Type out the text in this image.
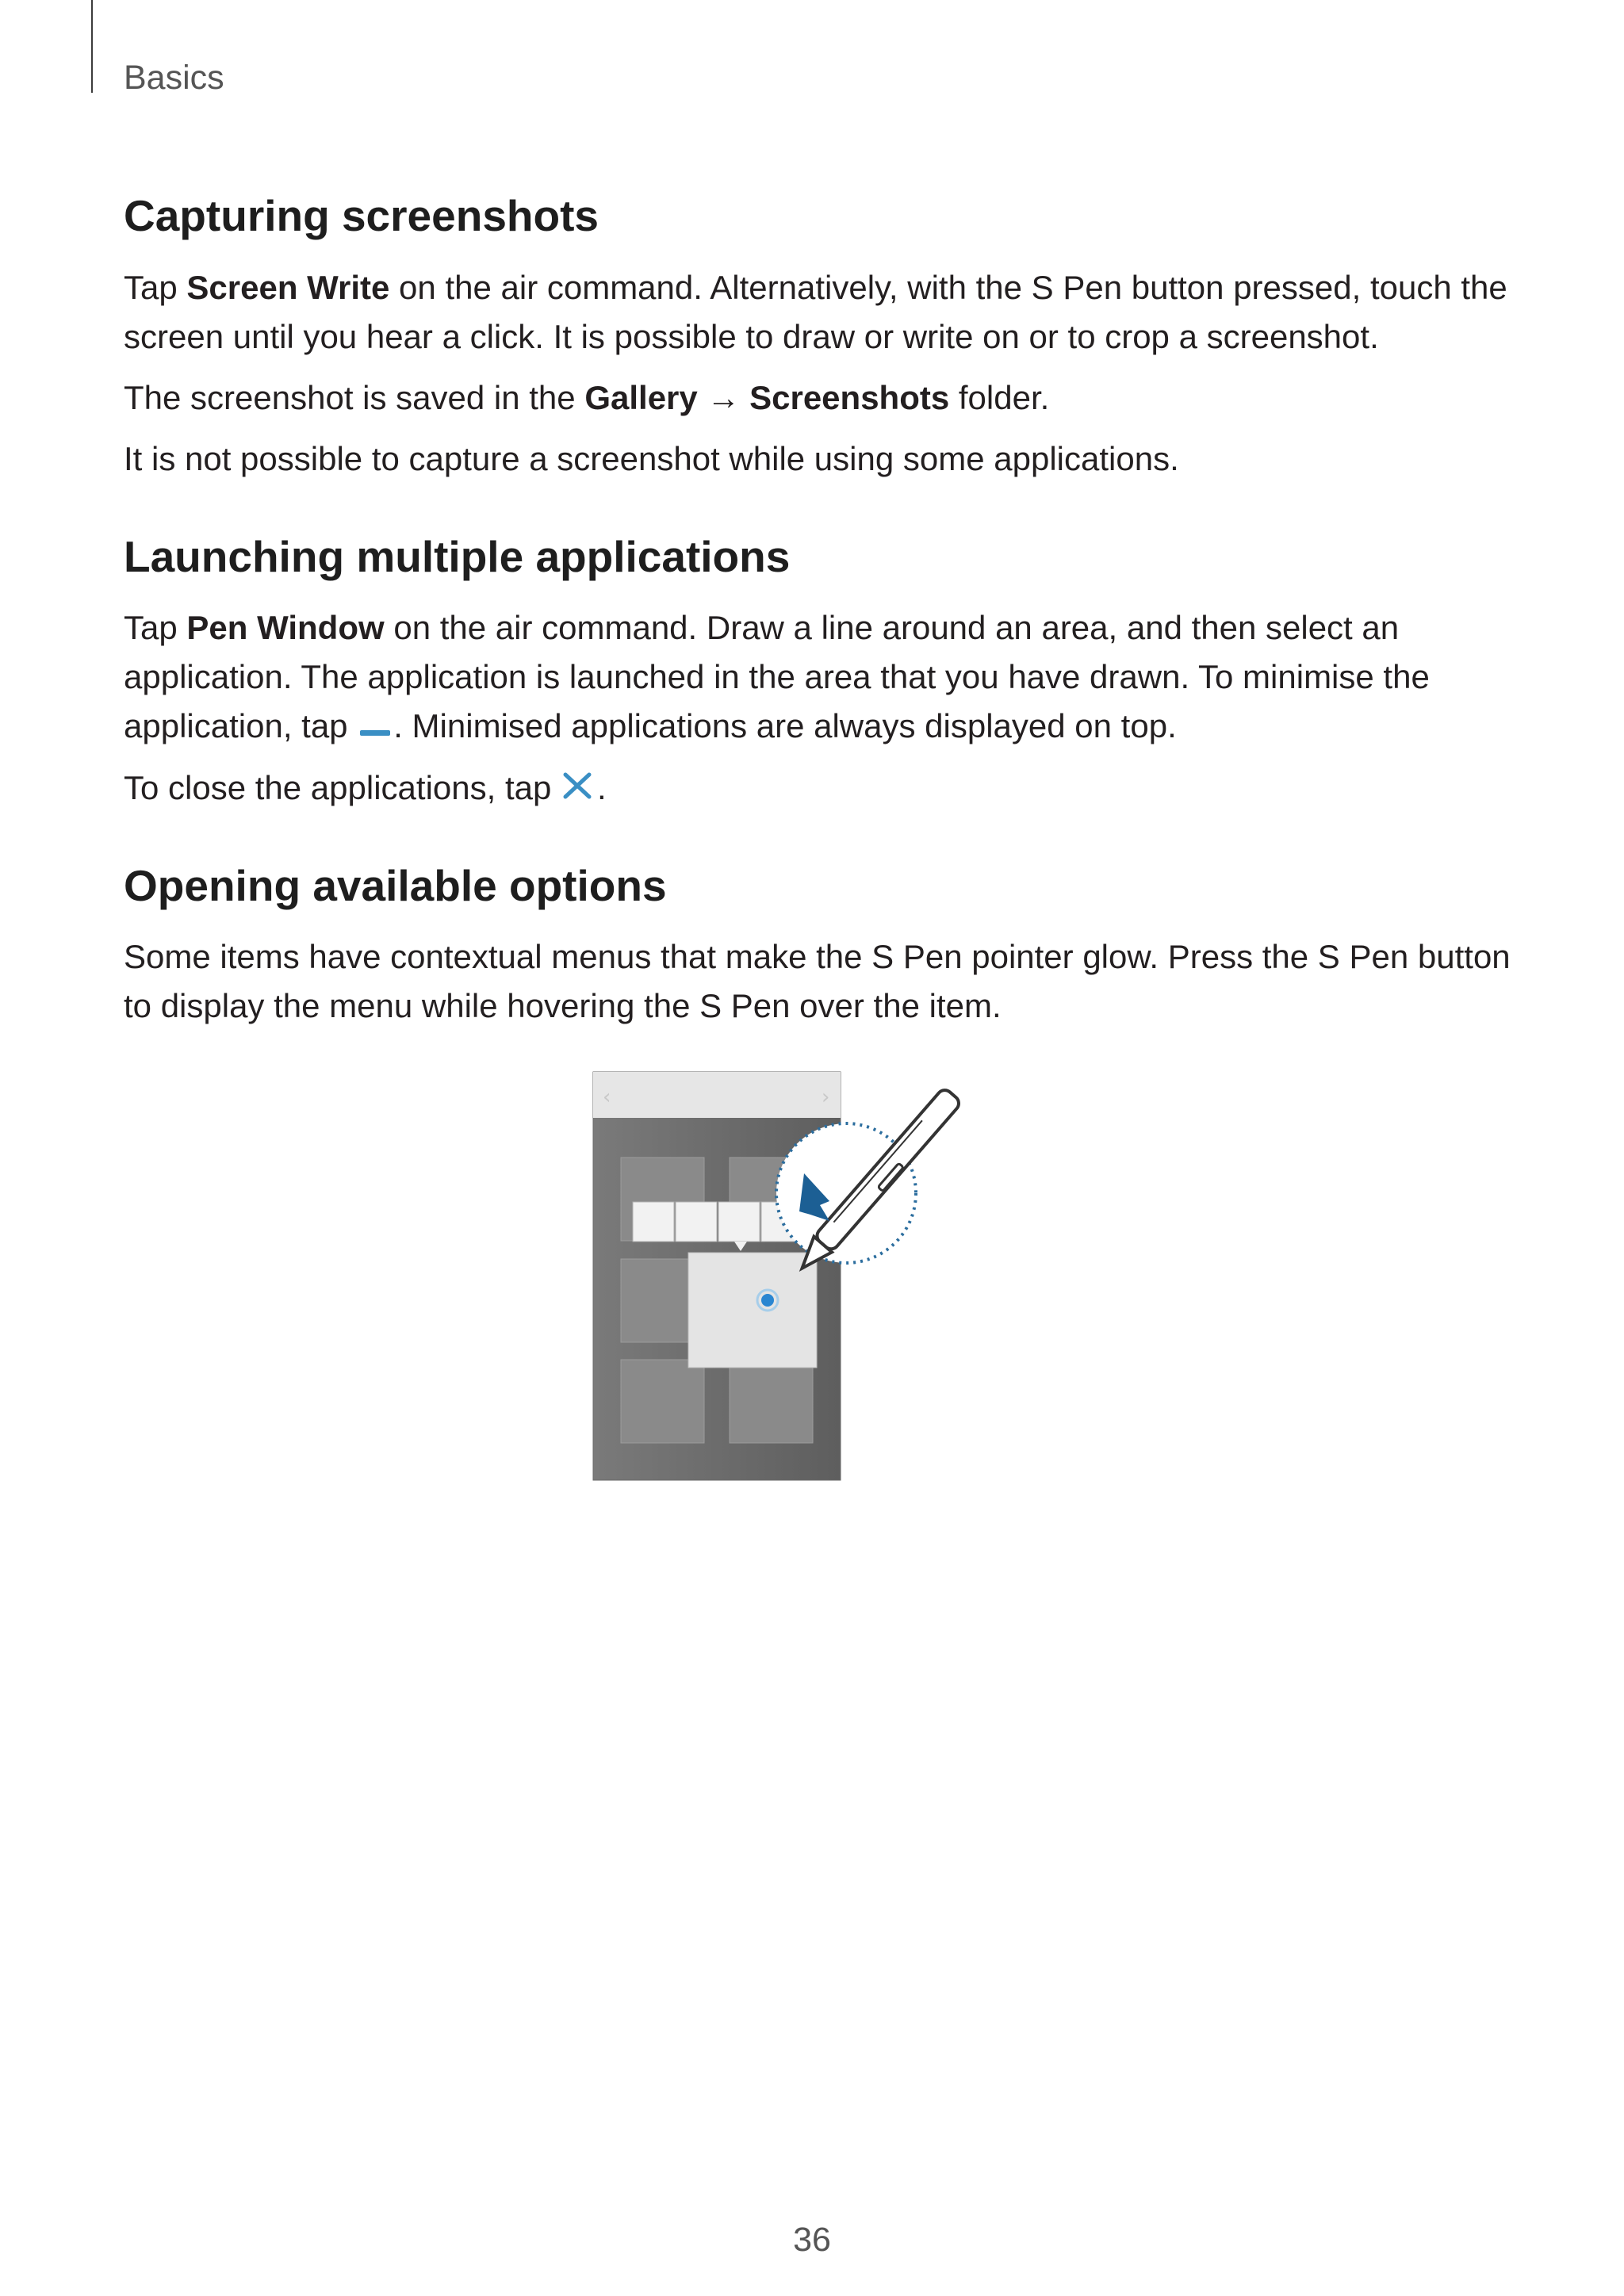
Basics
Capturing screenshots

Tap Screen Write on the air command. Alternatively, with the S Pen button pressed, touch the
screen until you hear a click. It is possible to draw or write on or to crop a screenshot.

The screenshot is saved in the Gallery → Screenshots folder.

It is not possible to capture a screenshot while using some applications.

Launching multiple applications

Tap Pen Window on the air command. Draw a line around an area, and then select an
application. The application is launched in the area that you have drawn. To minimise the
application, tap . Minimised applications are always displayed on top.

To close the applications, tap .

Opening available options

Some items have contextual menus that make the S Pen pointer glow. Press the S Pen button
to display the menu while hovering the S Pen over the item.

‹	›
36
